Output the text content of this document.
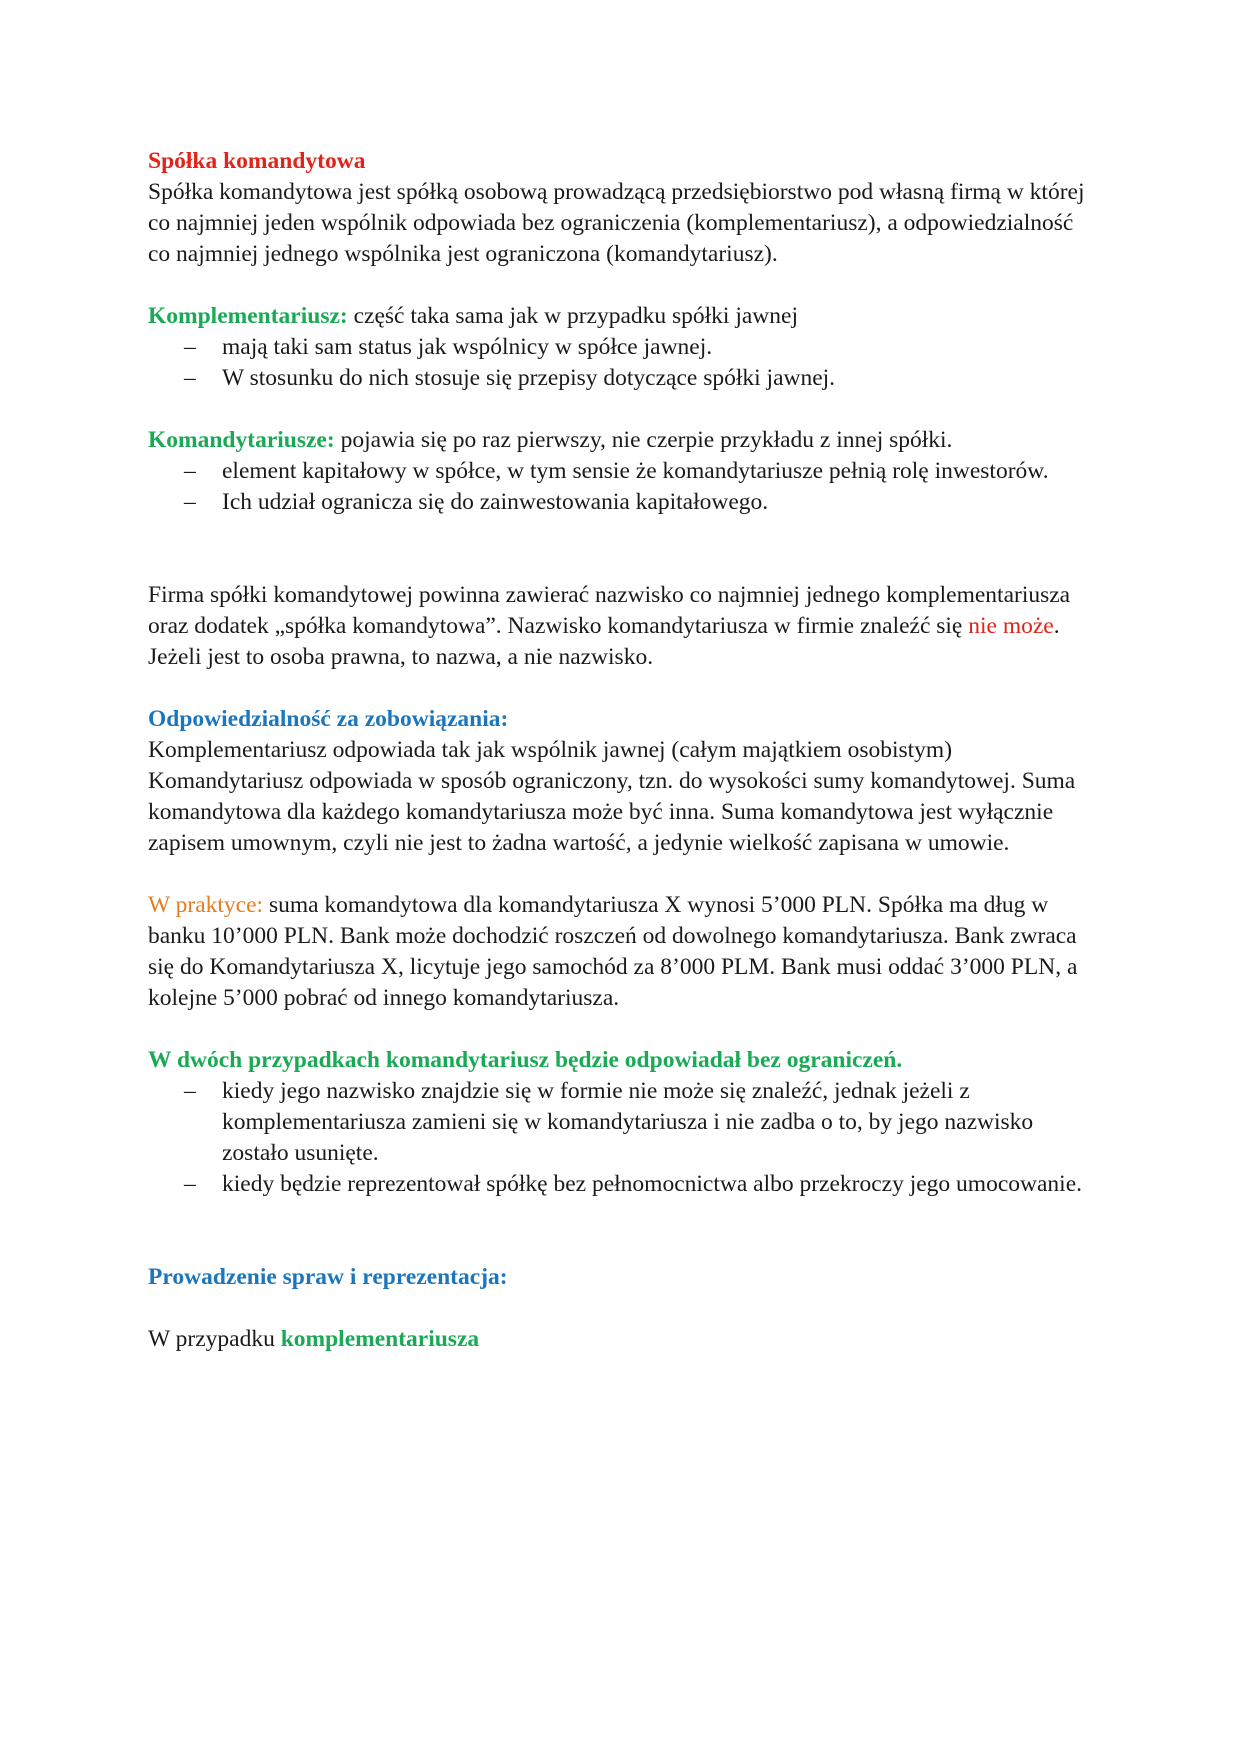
Spółka komandytowa

Spółka komandytowa jest spółką osobową prowadzącą przedsiębiorstwo pod własną firmą w której co najmniej jeden wspólnik odpowiada bez ograniczenia (komplementariusz), a odpowiedzialność co najmniej jednego wspólnika jest ograniczona (komandytariusz).

Komplementariusz: część taka sama jak w przypadku spółki jawnej

– mają taki sam status jak wspólnicy w spółce jawnej.
– W stosunku do nich stosuje się przepisy dotyczące spółki jawnej.

Komandytariusze: pojawia się po raz pierwszy, nie czerpie przykładu z innej spółki.

– element kapitałowy w spółce, w tym sensie że komandytariusze pełnią rolę inwestorów.
– Ich udział ogranicza się do zainwestowania kapitałowego.

Firma spółki komandytowej powinna zawierać nazwisko co najmniej jednego komplementariusza oraz dodatek „spółka komandytowa”. Nazwisko komandytariusza w firmie znaleźć się nie może.

Jeżeli jest to osoba prawna, to nazwa, a nie nazwisko.

Odpowiedzialność za zobowiązania:

Komplementariusz odpowiada tak jak wspólnik jawnej (całym majątkiem osobistym)

Komandytariusz odpowiada w sposób ograniczony, tzn. do wysokości sumy komandytowej. Suma komandytowa dla każdego komandytariusza może być inna. Suma komandytowa jest wyłącznie zapisem umownym, czyli nie jest to żadna wartość, a jedynie wielkość zapisana w umowie.

W praktyce: suma komandytowa dla komandytariusza X wynosi 5’000 PLN. Spółka ma dług w banku 10’000 PLN. Bank może dochodzić roszczeń od dowolnego komandytariusza. Bank zwraca się do Komandytariusza X, licytuje jego samochód za 8’000 PLM. Bank musi oddać 3’000 PLN, a kolejne 5’000 pobrać od innego komandytariusza.

W dwóch przypadkach komandytariusz będzie odpowiadał bez ograniczeń.

– kiedy jego nazwisko znajdzie się w formie nie może się znaleźć, jednak jeżeli z komplementariusza zamieni się w komandytariusza i nie zadba o to, by jego nazwisko zostało usunięte.
– kiedy będzie reprezentował spółkę bez pełnomocnictwa albo przekroczy jego umocowanie.

Prowadzenie spraw i reprezentacja:

W przypadku komplementariusza
